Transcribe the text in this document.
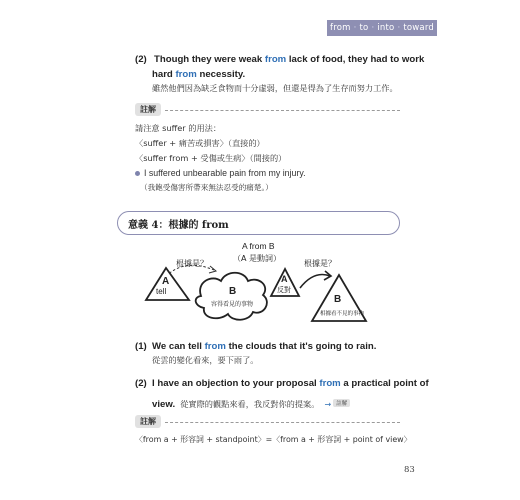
from · to · into · toward
(2) Though they were weak from lack of food, they had to work
hard from necessity.
雖然他們因為缺乏食物而十分虛弱，但還是得為了生存而努力工作。
註解
請注意 suffer 的用法：
〈suffer + 痛苦或損害〉（直接的）
〈suffer from + 受傷或生病〉（間接的）
I suffered unbearable pain from my injury.
（我飽受傷害所帶來無法忍受的痛楚。）
意義 4：根據的 from
A from B
（A 是動詞）
根據是？
A
tell	B
容得看見的事物
根據是？
A
反對
B
相據看不見的事物
(1) We can tell from the clouds that it's going to rain.
從雲的變化看來，要下雨了。
(2) I have an objection to your proposal from a practical point of
view. 從實際的觀點來看，我反對你的提案。 → 註解
註解
〈from a + 形容詞 + standpoint〉=〈from a + 形容詞 + point of view〉
83
